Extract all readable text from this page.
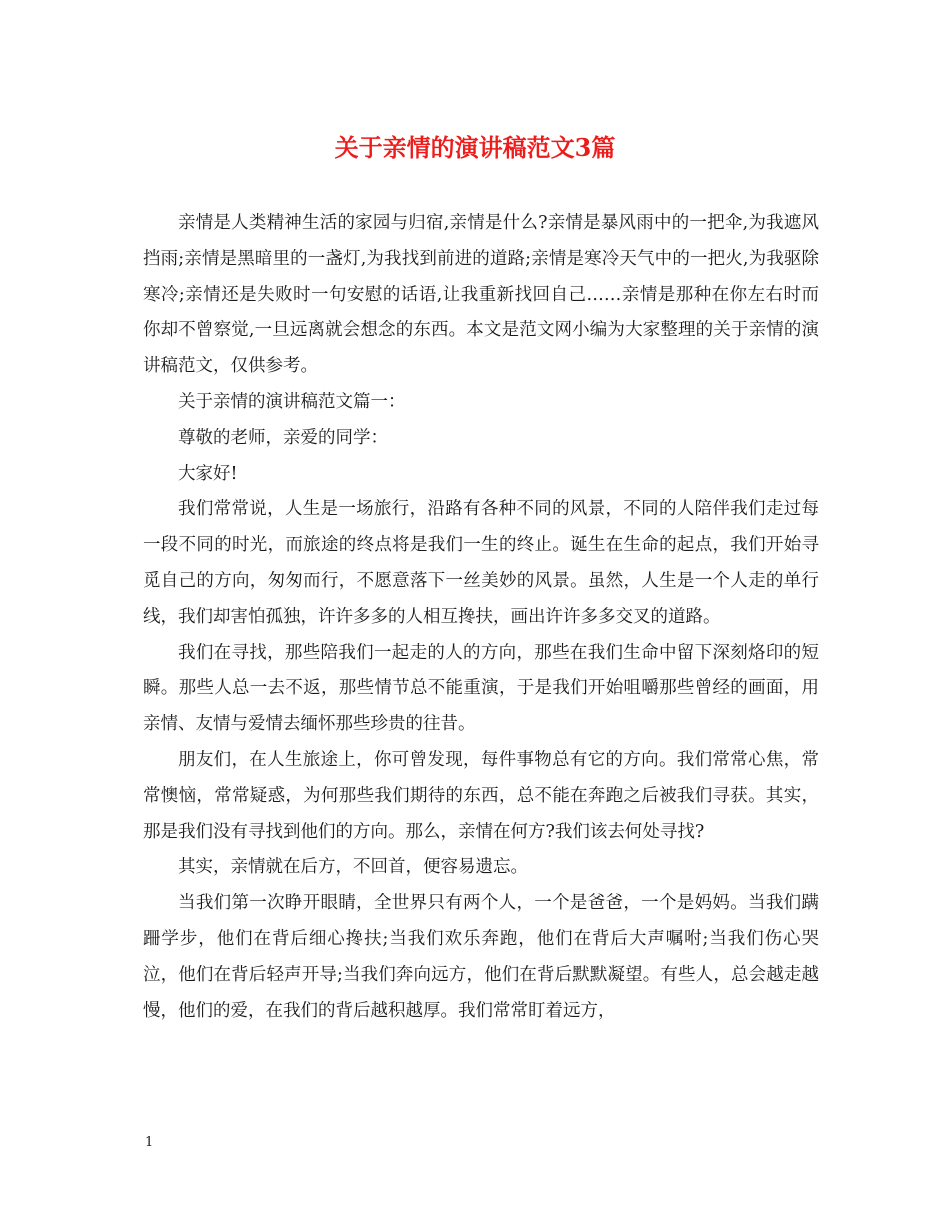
关于亲情的演讲稿范文3篇

亲情是人类精神生活的家园与归宿,亲情是什么?亲情是暴风雨中的一把伞,为我遮风挡雨;亲情是黑暗里的一盏灯,为我找到前进的道路;亲情是寒冷天气中的一把火,为我驱除寒冷;亲情还是失败时一句安慰的话语,让我重新找回自己……亲情是那种在你左右时而你却不曾察觉,一旦远离就会想念的东西。本文是范文网小编为大家整理的关于亲情的演讲稿范文，仅供参考。

关于亲情的演讲稿范文篇一：

尊敬的老师，亲爱的同学：

大家好!

我们常常说，人生是一场旅行，沿路有各种不同的风景，不同的人陪伴我们走过每一段不同的时光，而旅途的终点将是我们一生的终止。诞生在生命的起点，我们开始寻觅自己的方向，匆匆而行，不愿意落下一丝美妙的风景。虽然，人生是一个人走的单行线，我们却害怕孤独，许许多多的人相互搀扶，画出许许多多交叉的道路。

我们在寻找，那些陪我们一起走的人的方向，那些在我们生命中留下深刻烙印的短瞬。那些人总一去不返，那些情节总不能重演，于是我们开始咀嚼那些曾经的画面，用亲情、友情与爱情去缅怀那些珍贵的往昔。

朋友们，在人生旅途上，你可曾发现，每件事物总有它的方向。我们常常心焦，常常懊恼，常常疑惑，为何那些我们期待的东西，总不能在奔跑之后被我们寻获。其实，那是我们没有寻找到他们的方向。那么，亲情在何方?我们该去何处寻找?

其实，亲情就在后方，不回首，便容易遗忘。

当我们第一次睁开眼睛，全世界只有两个人，一个是爸爸，一个是妈妈。当我们蹒跚学步，他们在背后细心搀扶;当我们欢乐奔跑，他们在背后大声嘱咐;当我们伤心哭泣，他们在背后轻声开导;当我们奔向远方，他们在背后默默凝望。有些人，总会越走越慢，他们的爱，在我们的背后越积越厚。我们常常盯着远方，

1
